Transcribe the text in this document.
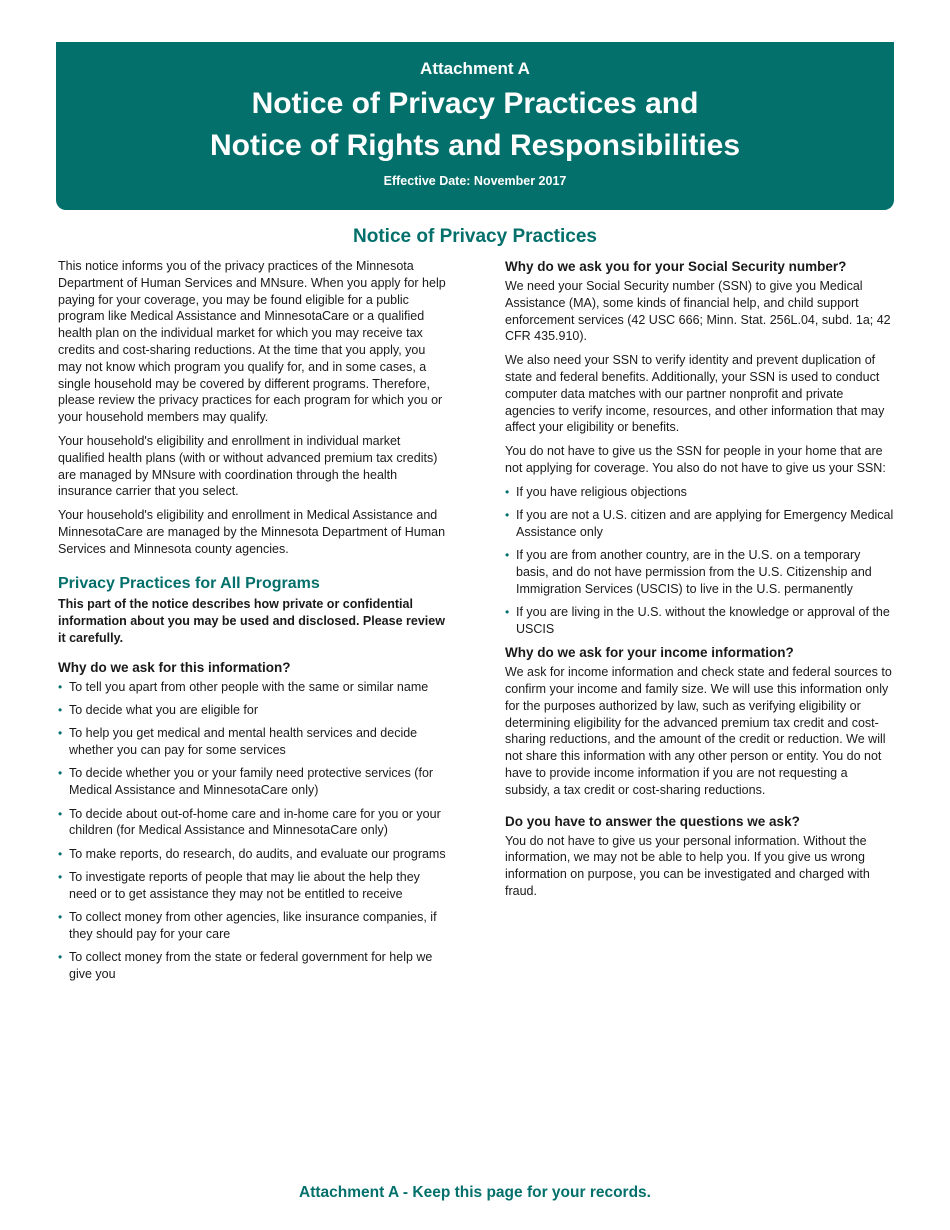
Attachment A
Notice of Privacy Practices and
Notice of Rights and Responsibilities
Effective Date: November 2017
Notice of Privacy Practices

This notice informs you of the privacy practices of the Minnesota Department of Human Services and MNsure. When you apply for help paying for your coverage, you may be found eligible for a public program like Medical Assistance and MinnesotaCare or a qualified health plan on the individual market for which you may receive tax credits and cost-sharing reductions. At the time that you apply, you may not know which program you qualify for, and in some cases, a single household may be covered by different programs. Therefore, please review the privacy practices for each program for which you or your household members may qualify.

Your household's eligibility and enrollment in individual market qualified health plans (with or without advanced premium tax credits) are managed by MNsure with coordination through the health insurance carrier that you select.

Your household's eligibility and enrollment in Medical Assistance and MinnesotaCare are managed by the Minnesota Department of Human Services and Minnesota county agencies.

Privacy Practices for All Programs

This part of the notice describes how private or confidential information about you may be used and disclosed. Please review it carefully.

Why do we ask for this information?
• To tell you apart from other people with the same or similar name
• To decide what you are eligible for
• To help you get medical and mental health services and decide whether you can pay for some services
• To decide whether you or your family need protective services (for Medical Assistance and MinnesotaCare only)
• To decide about out-of-home care and in-home care for you or your children (for Medical Assistance and MinnesotaCare only)
• To make reports, do research, do audits, and evaluate our programs
• To investigate reports of people that may lie about the help they need or to get assistance they may not be entitled to receive
• To collect money from other agencies, like insurance companies, if they should pay for your care
• To collect money from the state or federal government for help we give you
Why do we ask you for your Social Security number?

We need your Social Security number (SSN) to give you Medical Assistance (MA), some kinds of financial help, and child support enforcement services (42 USC 666; Minn. Stat. 256L.04, subd. 1a; 42 CFR 435.910).

We also need your SSN to verify identity and prevent duplication of state and federal benefits. Additionally, your SSN is used to conduct computer data matches with our partner nonprofit and private agencies to verify income, resources, and other information that may affect your eligibility or benefits.

You do not have to give us the SSN for people in your home that are not applying for coverage. You also do not have to give us your SSN:

• If you have religious objections
• If you are not a U.S. citizen and are applying for Emergency Medical Assistance only
• If you are from another country, are in the U.S. on a temporary basis, and do not have permission from the U.S. Citizenship and Immigration Services (USCIS) to live in the U.S. permanently
• If you are living in the U.S. without the knowledge or approval of the USCIS
Why do we ask for your income information?

We ask for income information and check state and federal sources to confirm your income and family size. We will use this information only for the purposes authorized by law, such as verifying eligibility or determining eligibility for the advanced premium tax credit and cost-sharing reductions, and the amount of the credit or reduction. We will not share this information with any other person or entity. You do not have to provide income information if you are not requesting a subsidy, a tax credit or cost-sharing reductions.

Do you have to answer the questions we ask?

You do not have to give us your personal information. Without the information, we may not be able to help you. If you give us wrong information on purpose, you can be investigated and charged with fraud.

Attachment A - Keep this page for your records.
